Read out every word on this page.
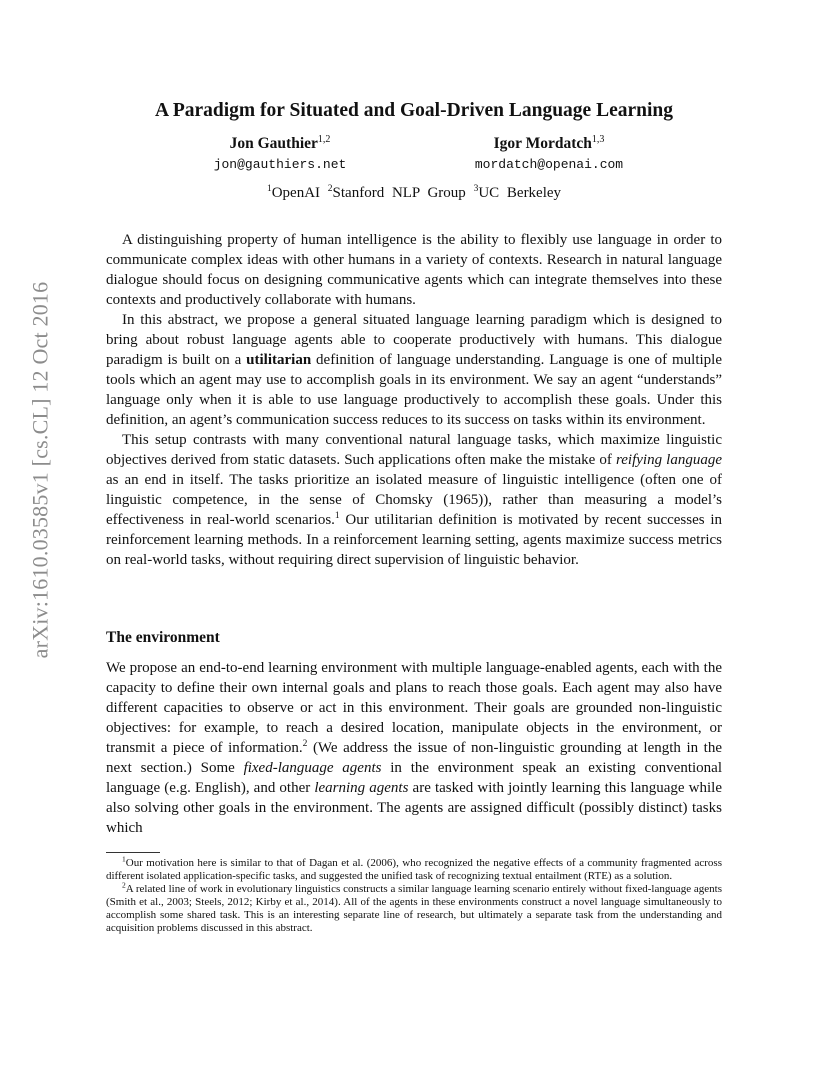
arXiv:1610.03585v1 [cs.CL] 12 Oct 2016
A Paradigm for Situated and Goal-Driven Language Learning
Jon Gauthier$^{1,2}$
jon@gauthiers.net
Igor Mordatch$^{1,3}$
mordatch@openai.com
$^1$OpenAI $^2$Stanford NLP Group $^3$UC Berkeley

A distinguishing property of human intelligence is the ability to flexibly use language in order to communicate complex ideas with other humans in a variety of contexts. Research in natural language dialogue should focus on designing communicative agents which can integrate themselves into these contexts and productively collaborate with humans.

In this abstract, we propose a general situated language learning paradigm which is designed to bring about robust language agents able to cooperate productively with humans. This dialogue paradigm is built on a utilitarian definition of language understanding. Language is one of multiple tools which an agent may use to accomplish goals in its environment. We say an agent “understands” language only when it is able to use language productively to accomplish these goals. Under this definition, an agent’s communication success reduces to its success on tasks within its environment.

This setup contrasts with many conventional natural language tasks, which maximize linguistic objectives derived from static datasets. Such applications often make the mistake of reifying language as an end in itself. The tasks prioritize an isolated measure of linguistic intelligence (often one of linguistic competence, in the sense of Chomsky (1965)), rather than measuring a model’s effectiveness in real-world scenarios.$^1$ Our utilitarian definition is motivated by recent successes in reinforcement learning methods. In a reinforcement learning setting, agents maximize success metrics on real-world tasks, without requiring direct supervision of linguistic behavior.

The environment

We propose an end-to-end learning environment with multiple language-enabled agents, each with the capacity to define their own internal goals and plans to reach those goals. Each agent may also have different capacities to observe or act in this environment. Their goals are grounded non-linguistic objectives: for example, to reach a desired location, manipulate objects in the environment, or transmit a piece of information.$^2$ (We address the issue of non-linguistic grounding at length in the next section.) Some fixed-language agents in the environment speak an existing conventional language (e.g. English), and other learning agents are tasked with jointly learning this language while also solving other goals in the environment. The agents are assigned difficult (possibly distinct) tasks which

$^1$Our motivation here is similar to that of Dagan et al. (2006), who recognized the negative effects of a community fragmented across different isolated application-specific tasks, and suggested the unified task of recognizing textual entailment (RTE) as a solution.

$^2$A related line of work in evolutionary linguistics constructs a similar language learning scenario entirely without fixed-language agents (Smith et al., 2003; Steels, 2012; Kirby et al., 2014). All of the agents in these environments construct a novel language simultaneously to accomplish some shared task. This is an interesting separate line of research, but ultimately a separate task from the understanding and acquisition problems discussed in this abstract.
